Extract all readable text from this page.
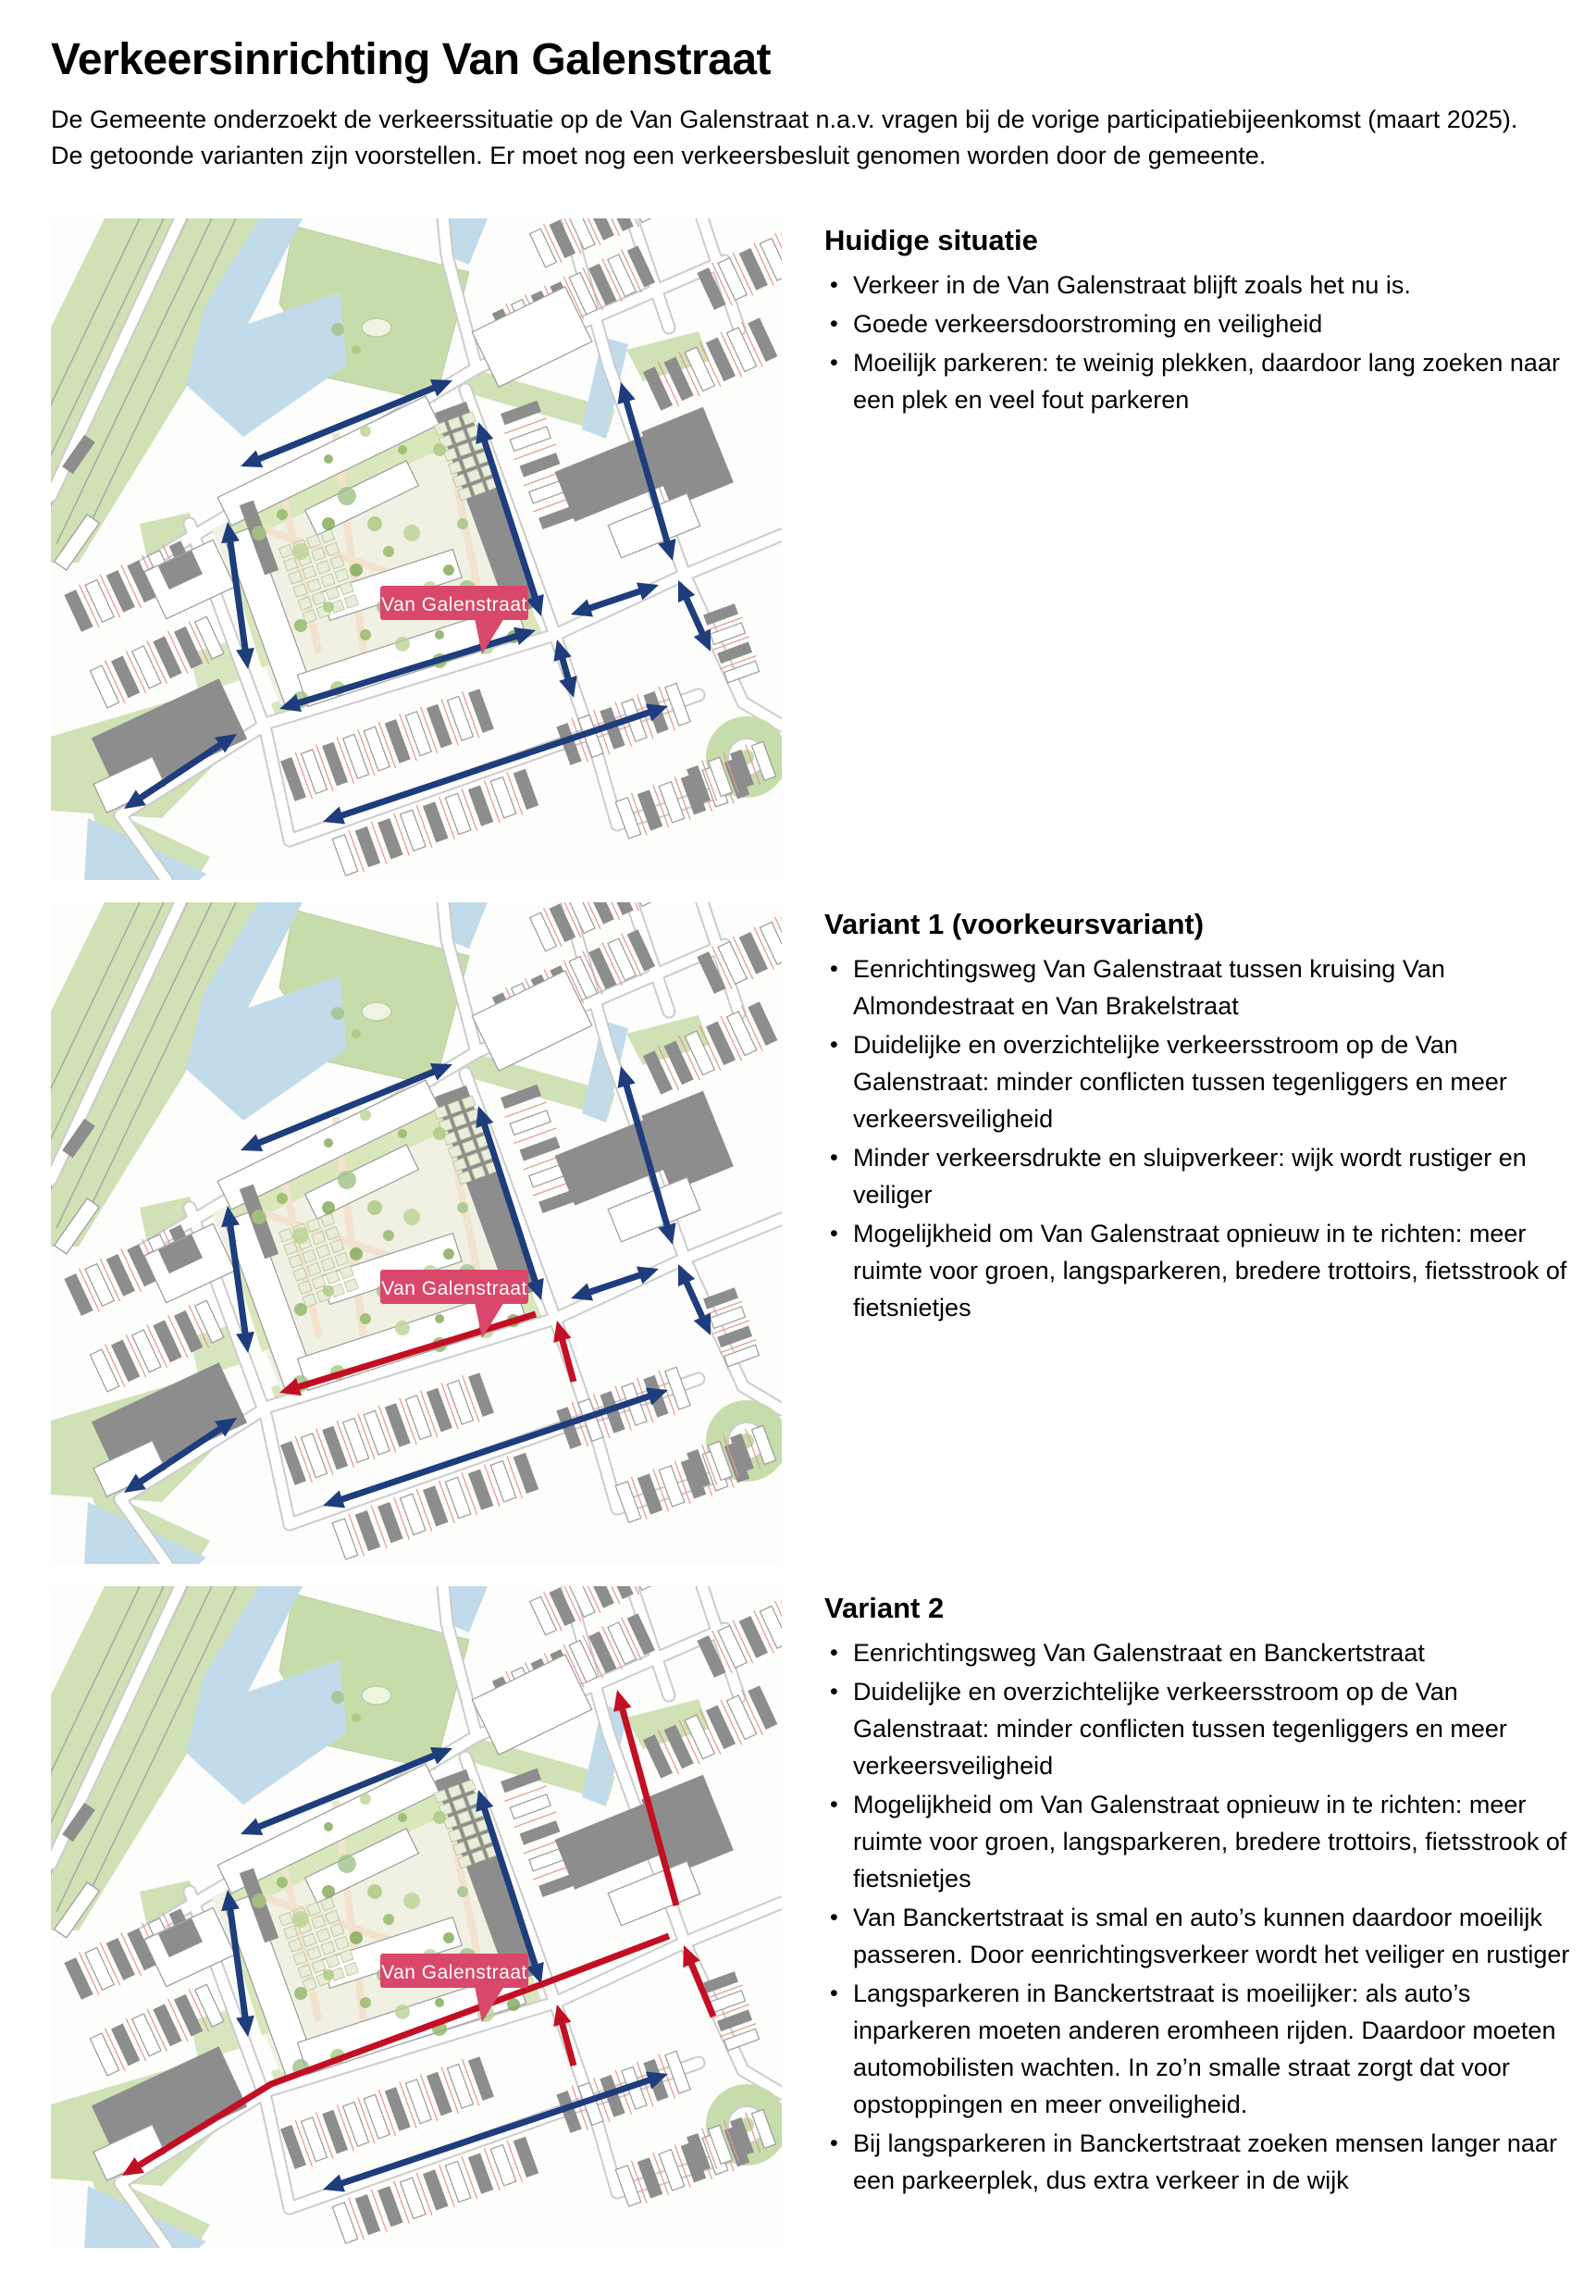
Verkeersinrichting Van Galenstraat

De Gemeente onderzoekt de verkeerssituatie op de Van Galenstraat n.a.v. vragen bij de vorige participatiebijeenkomst (maart 2025).

De getoonde varianten zijn voorstellen. Er moet nog een verkeersbesluit genomen worden door de gemeente.

Van Galenstraat
Huidige situatie
• Verkeer in de Van Galenstraat blijft zoals het nu is.
• Goede verkeersdoorstroming en veiligheid
• Moeilijk parkeren: te weinig plekken, daardoor lang zoeken naar een plek en veel fout parkeren
Van Galenstraat
Variant 1 (voorkeursvariant)
• Eenrichtingsweg Van Galenstraat tussen kruising Van Almondestraat en Van Brakelstraat
• Duidelijke en overzichtelijke verkeersstroom op de Van Galenstraat: minder conflicten tussen tegenliggers en meer verkeersveiligheid
• Minder verkeersdrukte en sluipverkeer: wijk wordt rustiger en veiliger
• Mogelijkheid om Van Galenstraat opnieuw in te richten: meer ruimte voor groen, langsparkeren, bredere trottoirs, fietsstrook of fietsnietjes
Van Galenstraat
Variant 2
• Eenrichtingsweg Van Galenstraat en Banckertstraat
• Duidelijke en overzichtelijke verkeersstroom op de Van Galenstraat: minder conflicten tussen tegenliggers en meer verkeersveiligheid
• Mogelijkheid om Van Galenstraat opnieuw in te richten: meer ruimte voor groen, langsparkeren, bredere trottoirs, fietsstrook of fietsnietjes
• Van Banckertstraat is smal en auto’s kunnen daardoor moeilijk passeren. Door eenrichtingsverkeer wordt het veiliger en rustiger
• Langsparkeren in Banckertstraat is moeilijker: als auto’s inparkeren moeten anderen eromheen rijden. Daardoor moeten automobilisten wachten. In zo’n smalle straat zorgt dat voor opstoppingen en meer onveiligheid.
• Bij langsparkeren in Banckertstraat zoeken mensen langer naar een parkeerplek, dus extra verkeer in de wijk
